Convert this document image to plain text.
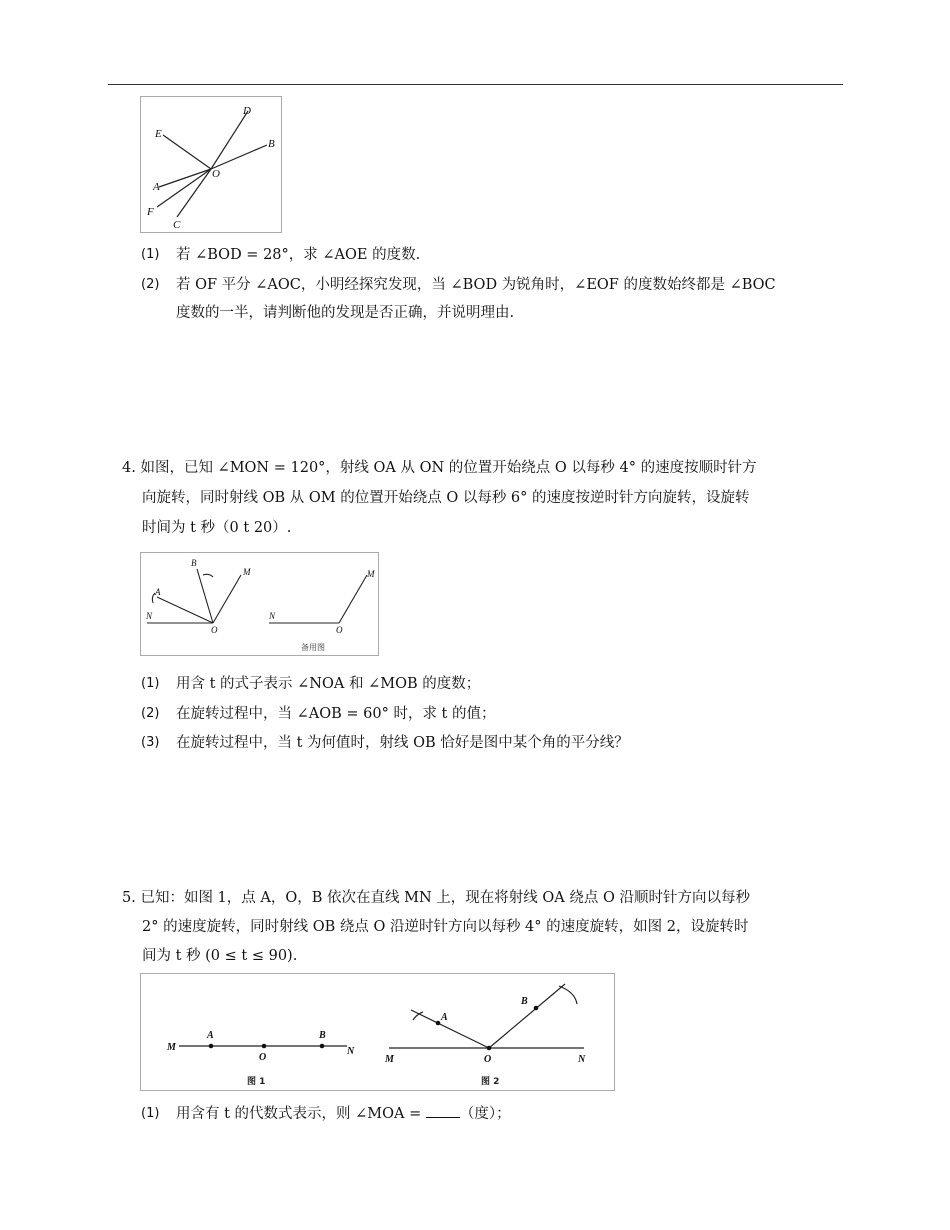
D
E
B
O
A
F
C
(1) 若 ∠BOD = 28°，求 ∠AOE 的度数.
(2) 若 OF 平分 ∠AOC，小明经探究发现，当 ∠BOD 为锐角时，∠EOF 的度数始终都是 ∠BOC
度数的一半，请判断他的发现是否正确，并说明理由.
4. 如图，已知 ∠MON = 120°，射线 OA 从 ON 的位置开始绕点 O 以每秒 4° 的速度按顺时针方
向旋转，同时射线 OB 从 OM 的位置开始绕点 O 以每秒 6° 的速度按逆时针方向旋转，设旋转
时间为 t 秒（0 t 20）.
B
M
A
N
O
M
N
O
备用图
(1) 用含 t 的式子表示 ∠NOA 和 ∠MOB 的度数；
(2) 在旋转过程中，当 ∠AOB = 60° 时，求 t 的值；
(3) 在旋转过程中，当 t 为何值时，射线 OB 恰好是图中某个角的平分线？
5. 已知：如图 1，点 A，O，B 依次在直线 MN 上，现在将射线 OA 绕点 O 沿顺时针方向以每秒
2° 的速度旋转，同时射线 OB 绕点 O 沿逆时针方向以每秒 4° 的速度旋转，如图 2，设旋转时
间为 t 秒 (0 ≤ t ≤ 90).
M
A	B
O
N
M
A
B
O	N
图 1	图 2
(1) 用含有 t 的代数式表示，则 ∠MOA =	（度）；
